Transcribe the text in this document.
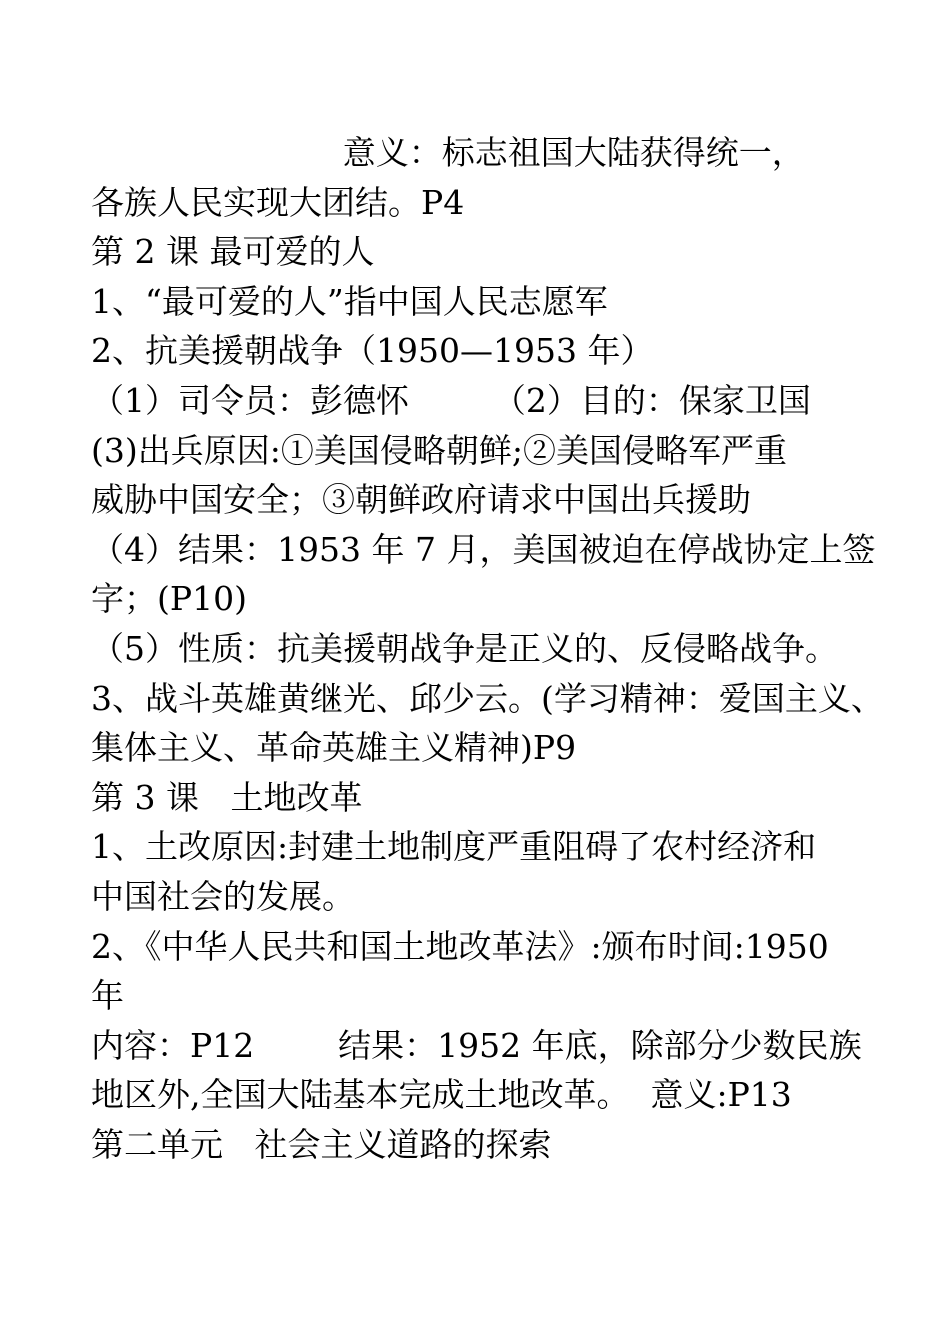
意义：标志祖国大陆获得统一，
各族人民实现大团结。P4
第 2 课 最可爱的人
1、“最可爱的人”指中国人民志愿军
2、抗美援朝战争（1950—1953 年）
（1）司令员：彭德怀        （2）目的：保家卫国
(3)出兵原因:①美国侵略朝鲜;②美国侵略军严重
威胁中国安全；③朝鲜政府请求中国出兵援助
（4）结果：1953 年 7 月，美国被迫在停战协定上签
字；(P10)
（5）性质：抗美援朝战争是正义的、反侵略战争。
3、战斗英雄黄继光、邱少云。(学习精神：爱国主义、
集体主义、革命英雄主义精神)P9
第 3 课   土地改革
1、土改原因:封建土地制度严重阻碍了农村经济和
中国社会的发展。
2、《中华人民共和国土地改革法》:颁布时间:1950
年
内容：P12        结果：1952 年底，除部分少数民族
地区外,全国大陆基本完成土地改革。  意义:P13
第二单元   社会主义道路的探索
